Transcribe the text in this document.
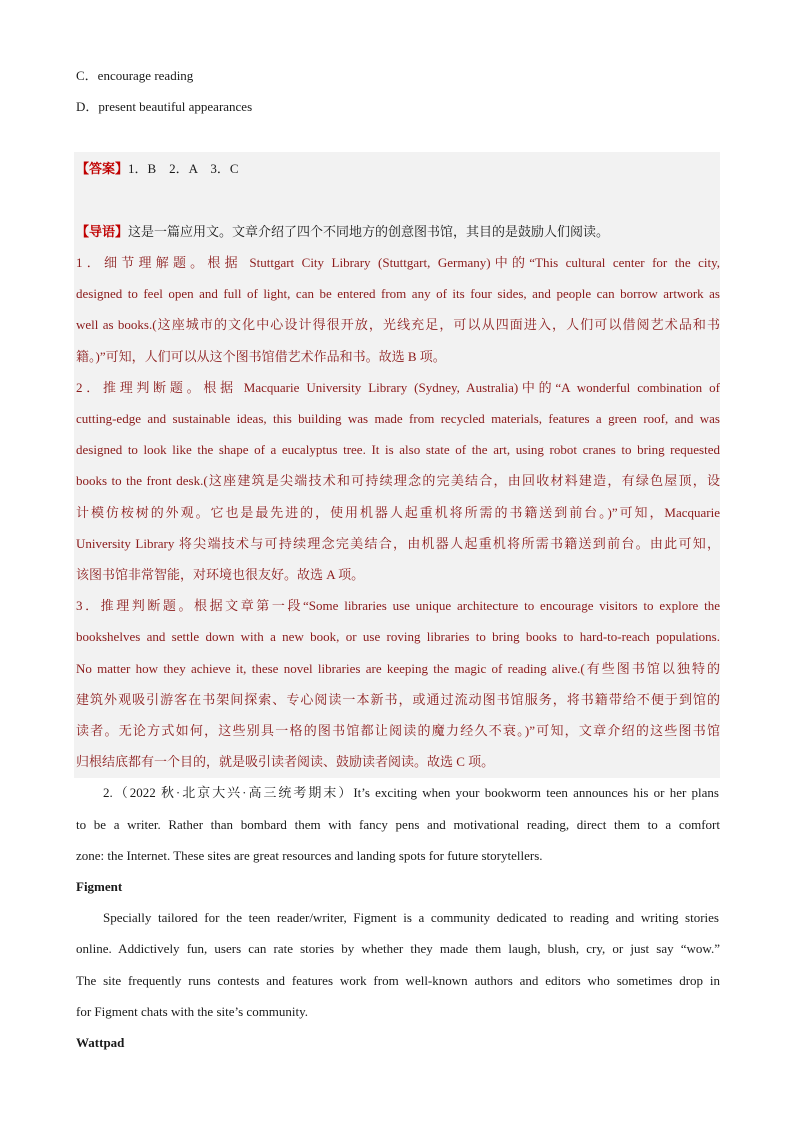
C．encourage reading
D．present beautiful appearances
【答案】1．B　2．A　3．C
【导语】这是一篇应用文。文章介绍了四个不同地方的创意图书馆，其目的是鼓励人们阅读。
1．细节理解题。根据 Stuttgart City Library (Stuttgart, Germany)中的“This cultural center for the city,
designed to feel open and full of light, can be entered from any of its four sides, and people can borrow artwork as
well as books.(这座城市的文化中心设计得很开放，光线充足，可以从四面进入，人们可以借阅艺术品和书
籍。)”可知，人们可以从这个图书馆借艺术作品和书。故选 B 项。
2．推理判断题。根据 Macquarie University Library (Sydney, Australia)中的“A wonderful combination of
cutting-edge and sustainable ideas, this building was made from recycled materials, features a green roof, and was
designed to look like the shape of a eucalyptus tree. It is also state of the art, using robot cranes to bring requested
books to the front desk.(这座建筑是尖端技术和可持续理念的完美结合，由回收材料建造，有绿色屋顶，设
计模仿桉树的外观。它也是最先进的，使用机器人起重机将所需的书籍送到前台。)”可知，Macquarie
University Library 将尖端技术与可持续理念完美结合，由机器人起重机将所需书籍送到前台。由此可知，
该图书馆非常智能，对环境也很友好。故选 A 项。
3．推理判断题。根据文章第一段“Some libraries use unique architecture to encourage visitors to explore the
bookshelves and settle down with a new book, or use roving libraries to bring books to hard-to-reach populations.
No matter how they achieve it, these novel libraries are keeping the magic of reading alive.(有些图书馆以独特的
建筑外观吸引游客在书架间探索、专心阅读一本新书，或通过流动图书馆服务，将书籍带给不便于到馆的
读者。无论方式如何，这些别具一格的图书馆都让阅读的魔力经久不衰。)”可知，文章介绍的这些图书馆
归根结底都有一个目的，就是吸引读者阅读、鼓励读者阅读。故选 C 项。
2.（2022 秋·北京大兴·高三统考期末）It’s exciting when your bookworm teen announces his or her plans
to be a writer. Rather than bombard them with fancy pens and motivational reading, direct them to a comfort
zone: the Internet. These sites are great resources and landing spots for future storytellers.
Figment
Specially tailored for the teen reader/writer, Figment is a community dedicated to reading and writing stories
online. Addictively fun, users can rate stories by whether they made them laugh, blush, cry, or just say “wow.”
The site frequently runs contests and features work from well-known authors and editors who sometimes drop in
for Figment chats with the site’s community.
Wattpad
